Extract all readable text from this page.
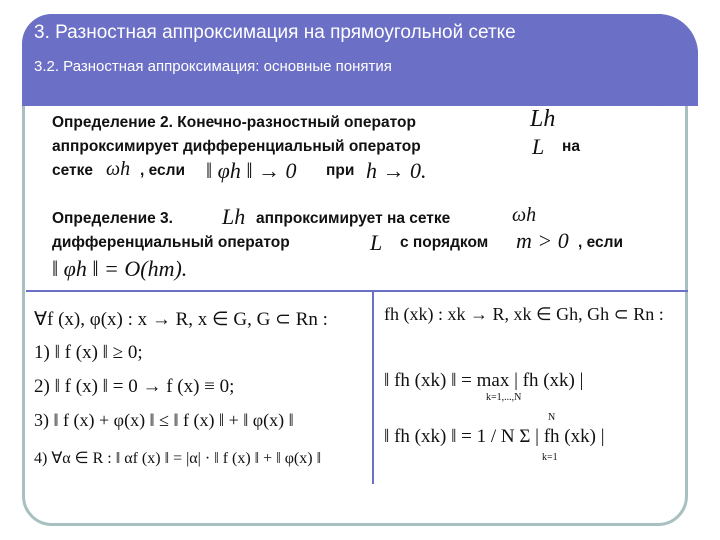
3. Разностная аппроксимация на прямоугольной сетке
3.2. Разностная аппроксимация: основные понятия
Определение 2. Конечно-разностный оператор	Lh
аппроксимирует дифференциальный оператор	L на
сетке ωh , если ‖ φh ‖ → 0 при h → 0.
Определение 3. Lh аппроксимирует на сетке	ωh
дифференциальный оператор	L с порядком m > 0 , если
‖ φh ‖ = O(hm).
∀f (x), φ(x) : x → R, x ∈ G, G ⊂ Rn :
1) ‖ f (x) ‖ ≥ 0;
2) ‖ f (x) ‖ = 0 → f (x) ≡ 0;
3) ‖ f (x) + φ(x) ‖ ≤ ‖ f (x) ‖ + ‖ φ(x) ‖
4) ∀α ∈ R : ‖ αf (x) ‖ = |α| · ‖ f (x) ‖ + ‖ φ(x) ‖
fh (xk) : xk → R, xk ∈ Gh, Gh ⊂ Rn :
‖ fh (xk) ‖ = max | fh (xk) |
k=1,...,N
‖ fh (xk) ‖ = 1 / N Σ | fh (xk) |
N
k=1
